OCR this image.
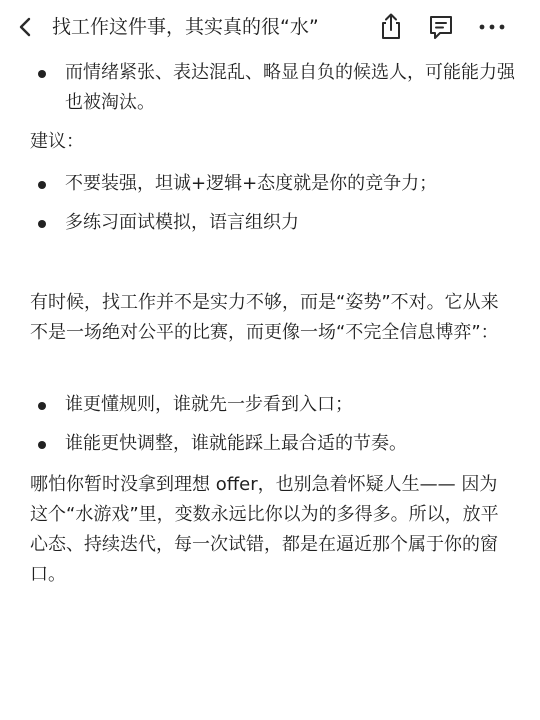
找工作这件事，其实真的很“水”
而情绪紧张、表达混乱、略显自负的候选人，可能能力强也被淘汰。
建议：
不要装强，坦诚+逻辑+态度就是你的竞争力；
多练习面试模拟，语言组织力
有时候，找工作并不是实力不够，而是“姿势”不对。它从来不是一场绝对公平的比赛，而更像一场“不完全信息博弈”：
谁更懂规则，谁就先一步看到入口；
谁能更快调整，谁就能踩上最合适的节奏。
哪怕你暂时没拿到理想 offer，也别急着怀疑人生—— 因为这个“水游戏”里，变数永远比你以为的多得多。所以，放平心态、持续迭代，每一次试错，都是在逼近那个属于你的窗口。
